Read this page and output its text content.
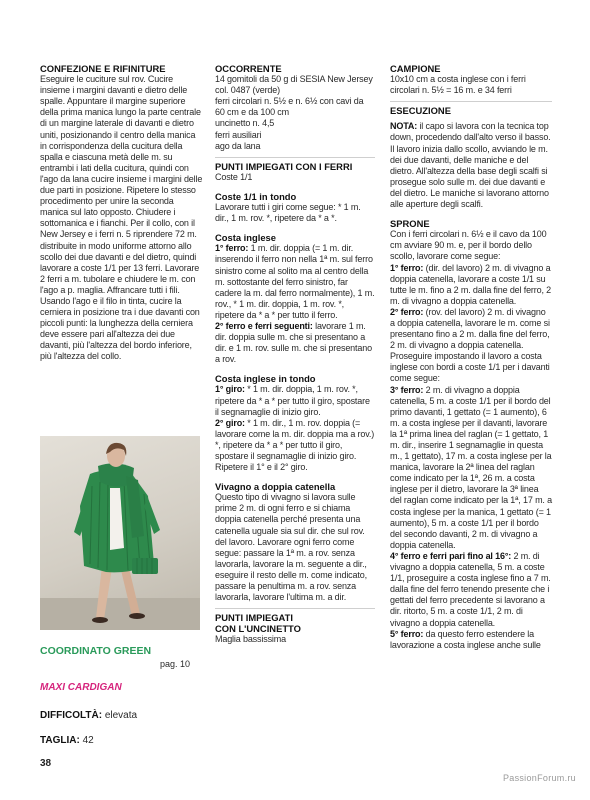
CONFEZIONE E RIFINITURE

Eseguire le cuciture sul rov. Cucire insieme i margini davanti e dietro delle spalle. Appuntare il margine superiore della prima manica lungo la parte centrale di un margine laterale di davanti e dietro uniti, posizionando il centro della manica in corrispondenza della cucitura della spalla e ciascuna metà delle m. su entrambi i lati della cucitura, quindi con l'ago da lana cucire insieme i margini delle due parti in posizione. Ripetere lo stesso procedimento per unire la seconda manica sul lato opposto. Chiudere i sottomanica e i fianchi. Per il collo, con il New Jersey e i ferri n. 5 riprendere 72 m. distribuite in modo uniforme attorno allo scollo dei due davanti e del dietro, quindi lavorare a coste 1/1 per 13 ferri. Lavorare 2 ferri a m. tubolare e chiudere le m. con l'ago a p. maglia. Affrancare tutti i fili. Usando l'ago e il filo in tinta, cucire la cerniera in posizione tra i due davanti con piccoli punti: la lunghezza della cerniera deve essere pari all'altezza dei due davanti, più l'altezza del bordo inferiore, più l'altezza del collo.

COORDINATO GREEN
pag. 10
MAXI CARDIGAN
DIFFICOLTÀ: elevata
TAGLIA: 42

OCCORRENTE

14 gomitoli da 50 g di SESIA New Jersey col. 0487 (verde)

ferri circolari n. 5½ e n. 6½ con cavi da 60 cm e da 100 cm

uncinetto n. 4,5

ferri ausiliari

ago da lana

PUNTI IMPIEGATI CON I FERRI

Coste 1/1

Coste 1/1 in tondo

Lavorare tutti i giri come segue: * 1 m. dir., 1 m. rov. *, ripetere da * a *.

Costa inglese

1° ferro: 1 m. dir. doppia (= 1 m. dir. inserendo il ferro non nella 1ª m. sul ferro sinistro come al solito ma al centro della m. sottostante del ferro sinistro, far cadere la m. dal ferro normalmente), 1 m. rov., * 1 m. dir. doppia, 1 m. rov. *, ripetere da * a * per tutto il ferro.

2° ferro e ferri seguenti: lavorare 1 m. dir. doppia sulle m. che si presentano a dir. e 1 m. rov. sulle m. che si presentano a rov.

Costa inglese in tondo

1° giro: * 1 m. dir. doppia, 1 m. rov. *, ripetere da * a * per tutto il giro, spostare il segnamaglie di inizio giro.

2° giro: * 1 m. dir., 1 m. rov. doppia (= lavorare come la m. dir. doppia ma a rov.) *, ripetere da * a * per tutto il giro, spostare il segnamaglie di inizio giro.

Ripetere il 1° e il 2° giro.

Vivagno a doppia catenella

Questo tipo di vivagno si lavora sulle prime 2 m. di ogni ferro e si chiama doppia catenella perché presenta una catenella uguale sia sul dir. che sul rov. del lavoro. Lavorare ogni ferro come segue: passare la 1ª m. a rov. senza lavorarla, lavorare la m. seguente a dir., eseguire il resto delle m. come indicato, passare la penultima m. a rov. senza lavorarla, lavorare l'ultima m. a dir.

PUNTI IMPIEGATI

CON L'UNCINETTO

Maglia bassissima

CAMPIONE

10x10 cm a costa inglese con i ferri circolari n. 5½ = 16 m. e 34 ferri

ESECUZIONE

NOTA: il capo si lavora con la tecnica top down, procedendo dall'alto verso il basso. Il lavoro inizia dallo scollo, avviando le m. dei due davanti, delle maniche e del dietro. All'altezza della base degli scalfi si prosegue solo sulle m. dei due davanti e del dietro. Le maniche si lavorano attorno alle aperture degli scalfi.

SPRONE

Con i ferri circolari n. 6½ e il cavo da 100 cm avviare 90 m. e, per il bordo dello scollo, lavorare come segue:

1° ferro: (dir. del lavoro) 2 m. di vivagno a doppia catenella, lavorare a coste 1/1 su tutte le m. fino a 2 m. dalla fine del ferro, 2 m. di vivagno a doppia catenella.

2° ferro: (rov. del lavoro) 2 m. di vivagno a doppia catenella, lavorare le m. come si presentano fino a 2 m. dalla fine del ferro, 2 m. di vivagno a doppia catenella.

Proseguire impostando il lavoro a costa inglese con bordi a coste 1/1 per i davanti come segue:

3° ferro: 2 m. di vivagno a doppia catenella, 5 m. a coste 1/1 per il bordo del primo davanti, 1 gettato (= 1 aumento), 6 m. a costa inglese per il davanti, lavorare la 1ª prima linea del raglan (= 1 gettato, 1 m. dir., inserire 1 segnamaglie in questa m., 1 gettato), 17 m. a costa inglese per la manica, lavorare la 2ª linea del raglan come indicato per la 1ª, 26 m. a costa inglese per il dietro, lavorare la 3ª linea del raglan come indicato per la 1ª, 17 m. a costa inglese per la manica, 1 gettato (= 1 aumento), 5 m. a coste 1/1 per il bordo del secondo davanti, 2 m. di vivagno a doppia catenella.

4° ferro e ferri pari fino al 16°: 2 m. di vivagno a doppia catenella, 5 m. a coste 1/1, proseguire a costa inglese fino a 7 m. dalla fine del ferro tenendo presente che i gettati del ferro precedente si lavorano a dir. ritorto, 5 m. a coste 1/1, 2 m. di vivagno a doppia catenella.

5° ferro: da questo ferro estendere la lavorazione a costa inglese anche sulle

38
PassionForum.ru
